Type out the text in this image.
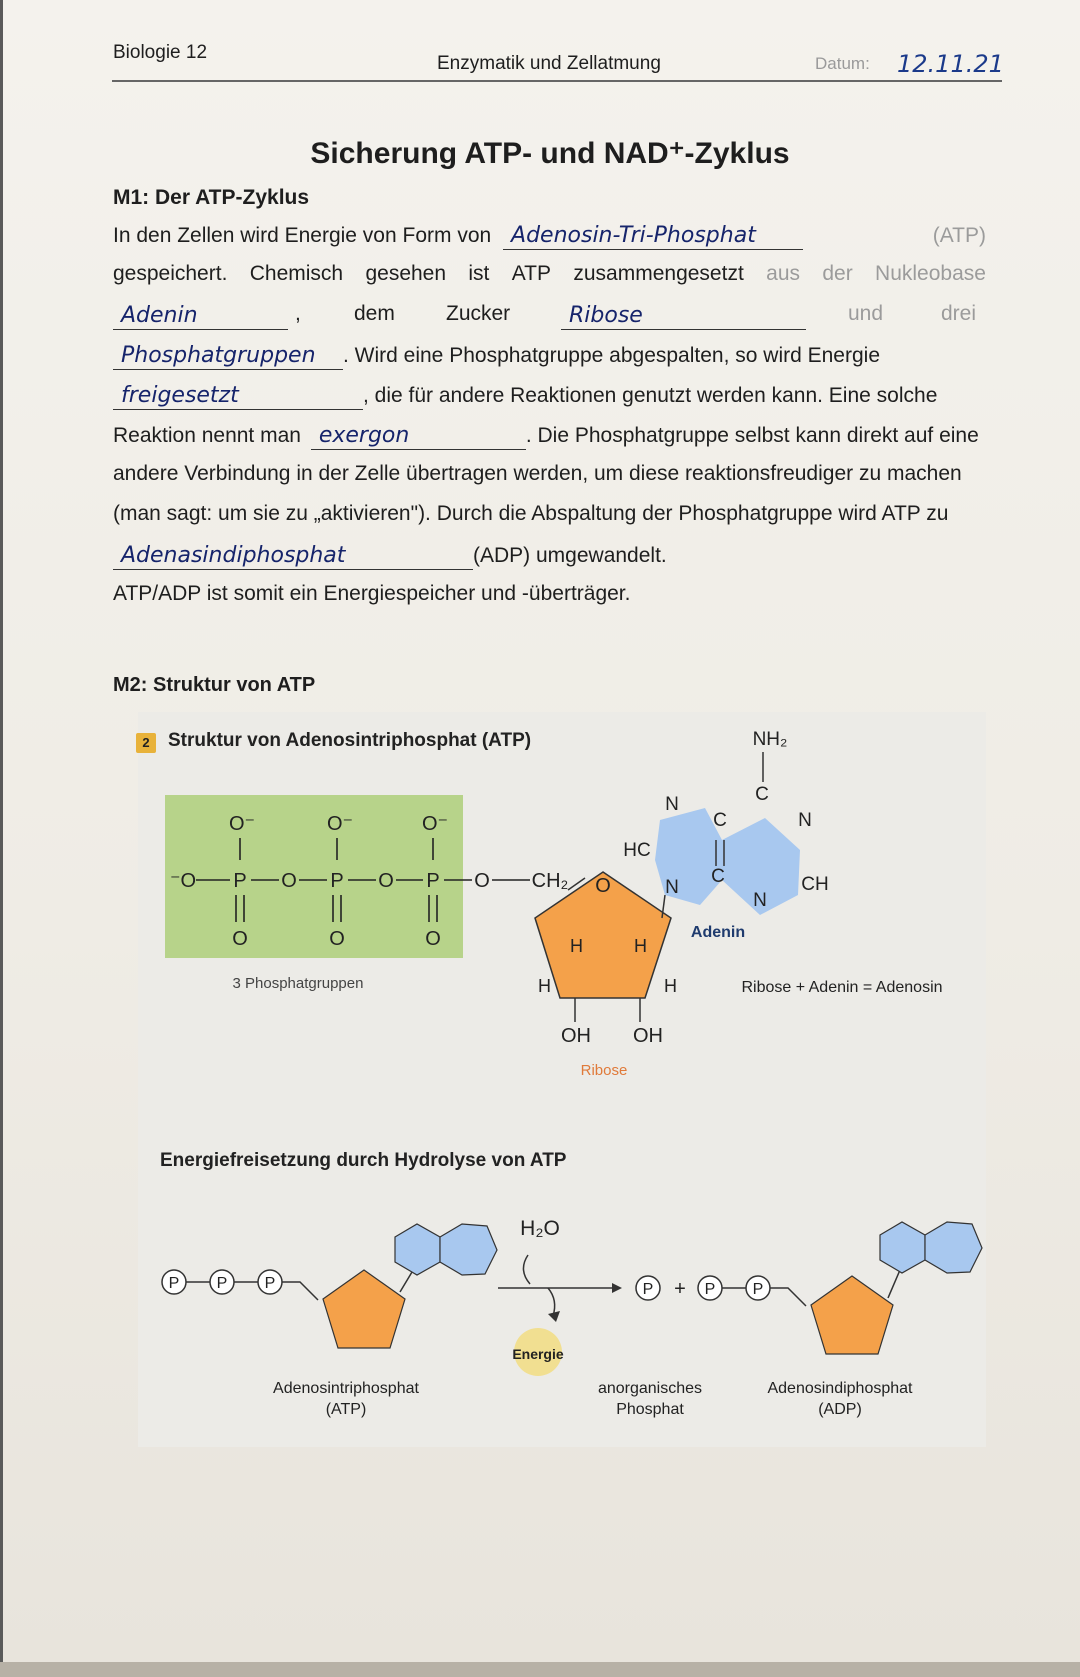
Biologie 12
Enzymatik und Zellatmung	Datum: 12.11.21
Sicherung ATP- und NAD⁺-Zyklus
M1: Der ATP-Zyklus
In den Zellen wird Energie von Form von Adenosin-Tri-Phosphat	(ATP)
gespeichert. Chemisch gesehen ist ATP zusammengesetzt aus der Nukleobase
Adenin	,	dem Zucker	Ribose	und	drei
Phosphatgruppen . Wird eine Phosphatgruppe abgespalten, so wird Energie
freigesetzt	, die für andere Reaktionen genutzt werden kann. Eine solche
Reaktion nennt man exergon	. Die Phosphatgruppe selbst kann direkt auf eine
andere Verbindung in der Zelle übertragen werden, um diese reaktionsfreudiger zu machen
(man sagt: um sie zu „aktivieren"). Durch die Abspaltung der Phosphatgruppe wird ATP zu
Adenasindiphosphat	(ADP) umgewandelt.
ATP/ADP ist somit ein Energiespeicher und -überträger.
M2: Struktur von ATP
2 Struktur von Adenosintriphosphat (ATP)
O⁻	O⁻	O⁻
⁻O P O P O P O CH₂
O	O	O
3 Phosphatgruppen
O
H	H
H	H
OH OH
Ribose
NH₂
C
N
C	N
HC
N
C
N
CH
Adenin
Ribose + Adenin = Adenosin
Energiefreisetzung durch Hydrolyse von ATP
P P P
Adenosintriphosphat
(ATP)
H₂O
Energie
P + P P
anorganisches
Phosphat
Adenosindiphosphat
(ADP)
